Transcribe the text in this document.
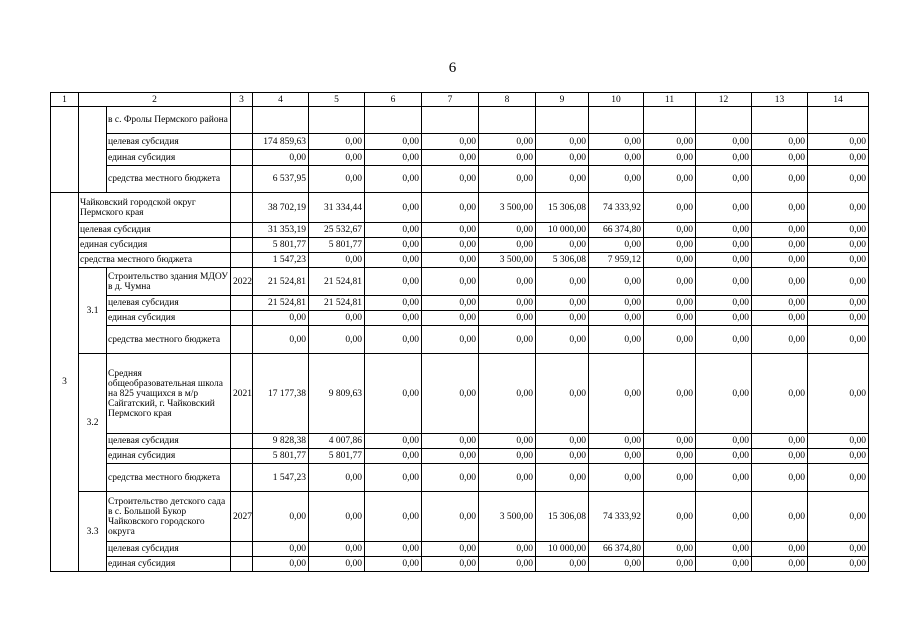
6
1	2		3	4	5	6	7	8	9	10	11	12	13	14
		в с. Фролы Пермского района												
		целевая субсидия		174 859,63	0,00	0,00	0,00	0,00	0,00	0,00	0,00	0,00	0,00	0,00
		единая субсидия		0,00	0,00	0,00	0,00	0,00	0,00	0,00	0,00	0,00	0,00	0,00
		средства местного бюджета		6 537,95	0,00	0,00	0,00	0,00	0,00	0,00	0,00	0,00	0,00	0,00
3	Чайковский городской округ Пермского края			38 702,19	31 334,44	0,00	0,00	3 500,00	15 306,08	74 333,92	0,00	0,00	0,00	0,00
	целевая субсидия			31 353,19	25 532,67	0,00	0,00	0,00	10 000,00	66 374,80	0,00	0,00	0,00	0,00
	единая субсидия			5 801,77	5 801,77	0,00	0,00	0,00	0,00	0,00	0,00	0,00	0,00	0,00
	средства местного бюджета			1 547,23	0,00	0,00	0,00	3 500,00	5 306,08	7 959,12	0,00	0,00	0,00	0,00
	3.1	Строительство здания МДОУ в д. Чумна	2022	21 524,81	21 524,81	0,00	0,00	0,00	0,00	0,00	0,00	0,00	0,00	0,00
		целевая субсидия		21 524,81	21 524,81	0,00	0,00	0,00	0,00	0,00	0,00	0,00	0,00	0,00
		единая субсидия		0,00	0,00	0,00	0,00	0,00	0,00	0,00	0,00	0,00	0,00	0,00
		средства местного бюджета		0,00	0,00	0,00	0,00	0,00	0,00	0,00	0,00	0,00	0,00	0,00
	3.2	Средняя общеобразовательная школа на 825 учащихся в м/р Сайгатский, г. Чайковский Пермского края	2021	17 177,38	9 809,63	0,00	0,00	0,00	0,00	0,00	0,00	0,00	0,00	0,00
		целевая субсидия		9 828,38	4 007,86	0,00	0,00	0,00	0,00	0,00	0,00	0,00	0,00	0,00
		единая субсидия		5 801,77	5 801,77	0,00	0,00	0,00	0,00	0,00	0,00	0,00	0,00	0,00
		средства местного бюджета		1 547,23	0,00	0,00	0,00	0,00	0,00	0,00	0,00	0,00	0,00	0,00
	3.3	Строительство детского сада в с. Большой Букор Чайковского городского округа	2027	0,00	0,00	0,00	0,00	3 500,00	15 306,08	74 333,92	0,00	0,00	0,00	0,00
		целевая субсидия		0,00	0,00	0,00	0,00	0,00	10 000,00	66 374,80	0,00	0,00	0,00	0,00
		единая субсидия		0,00	0,00	0,00	0,00	0,00	0,00	0,00	0,00	0,00	0,00	0,00
